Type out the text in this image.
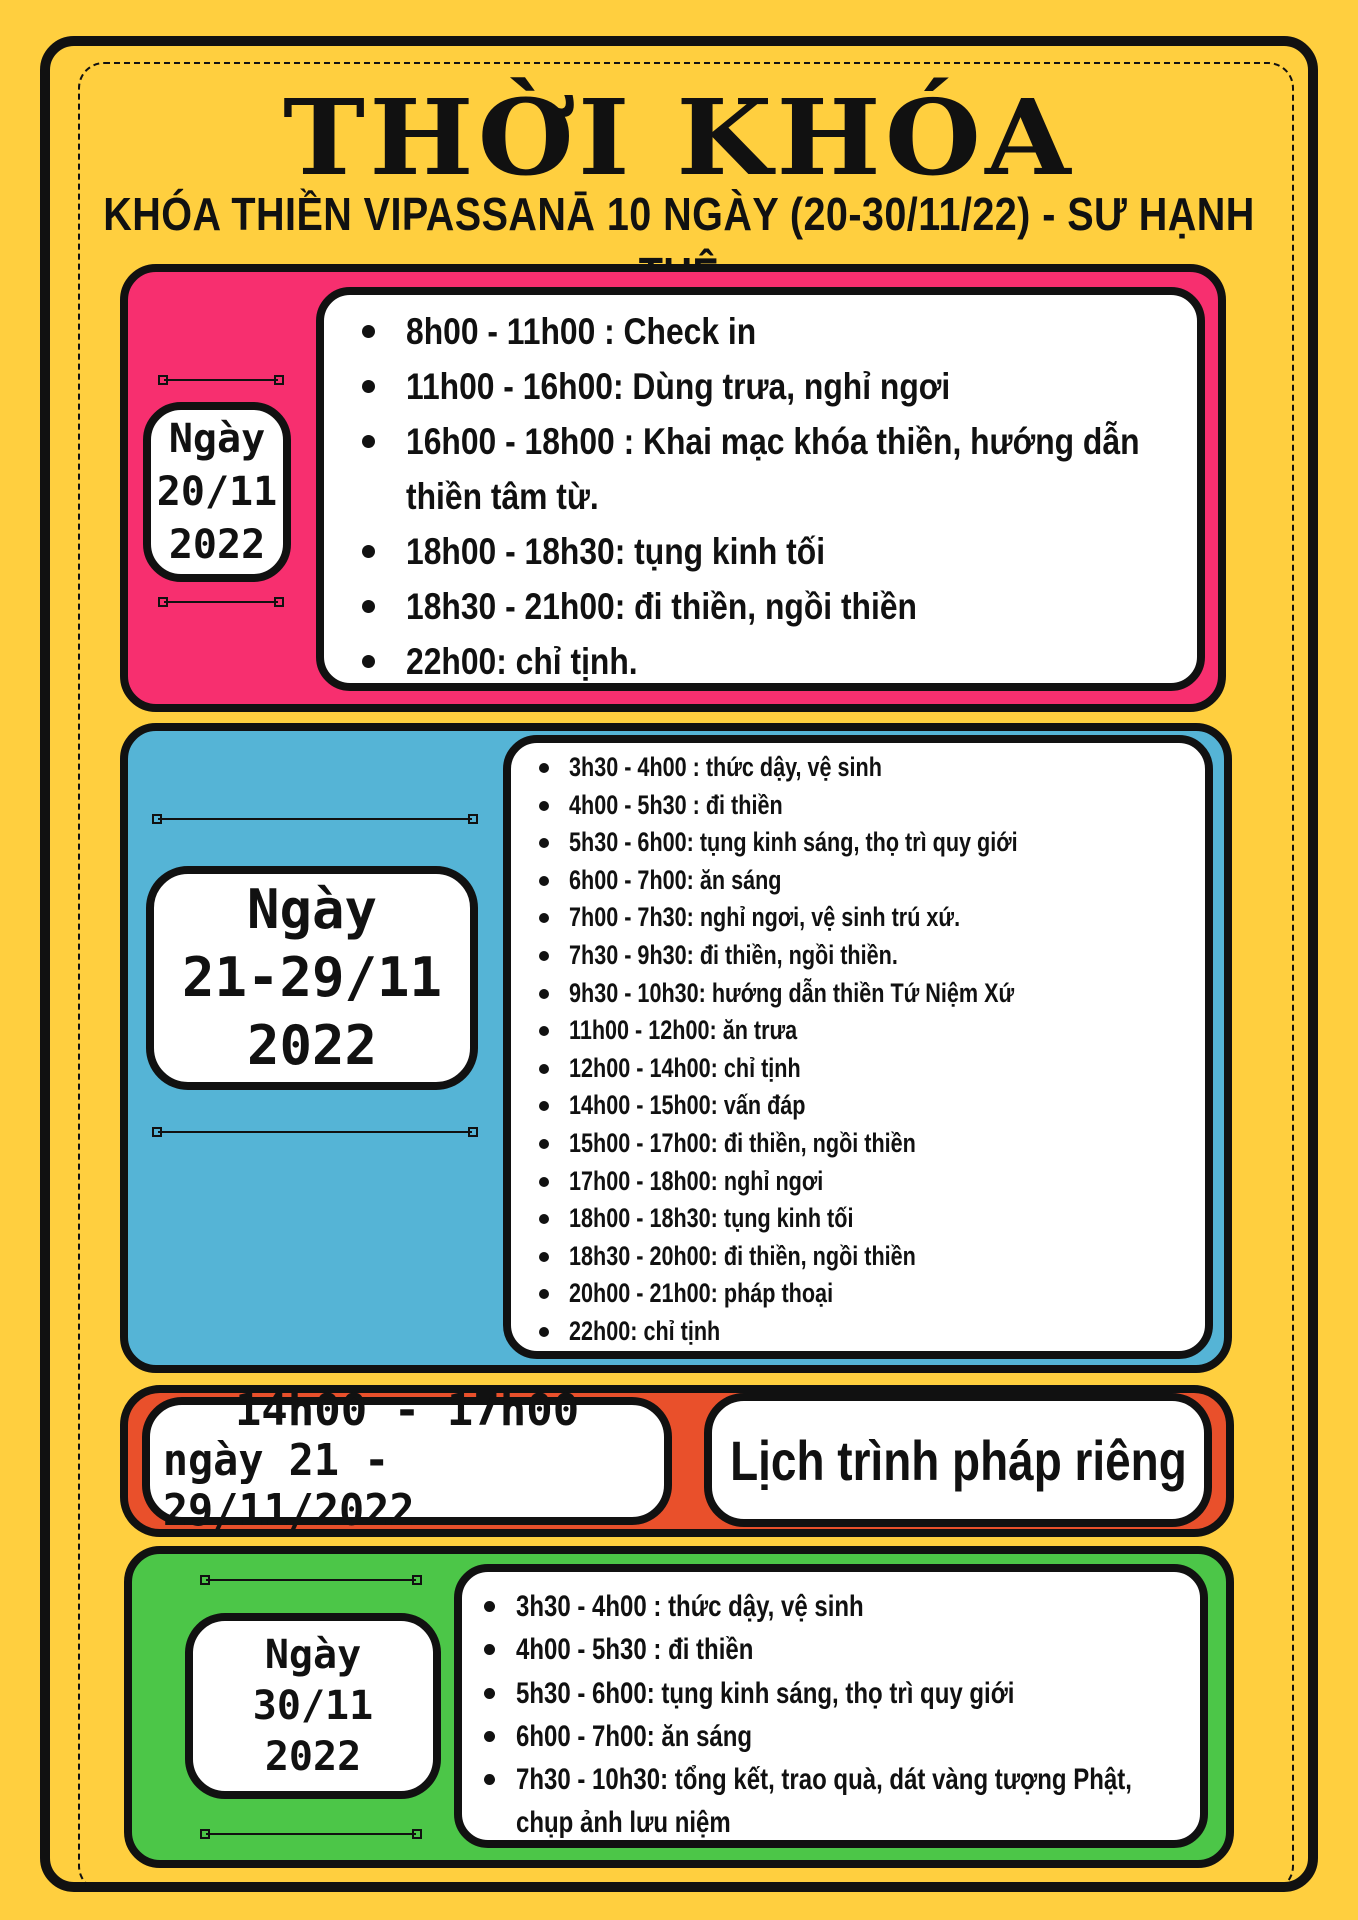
THỜI KHÓA
KHÓA THIỀN VIPASSANĀ 10 NGÀY (20-30/11/22) - SƯ HẠNH
Ngày
20/11
2022
8h00 - 11h00 : Check in
11h00 - 16h00: Dùng trưa, nghỉ ngơi
16h00 - 18h00 : Khai mạc khóa thiền, hướng dẫn
thiền tâm từ.
18h00 - 18h30: tụng kinh tối
18h30 - 21h00: đi thiền, ngồi thiền
22h00: chỉ tịnh.
Ngày
21-29/11
2022
3h30 - 4h00 : thức dậy, vệ sinh
4h00 - 5h30 : đi thiền
5h30 - 6h00: tụng kinh sáng, thọ trì quy giới
6h00 - 7h00: ăn sáng
7h00 - 7h30: nghỉ ngơi, vệ sinh trú xứ.
7h30 - 9h30: đi thiền, ngồi thiền.
9h30 - 10h30: hướng dẫn thiền Tứ Niệm Xứ
11h00 - 12h00: ăn trưa
12h00 - 14h00: chỉ tịnh
14h00 - 15h00: vấn đáp
15h00 - 17h00: đi thiền, ngồi thiền
17h00 - 18h00: nghỉ ngơi
18h00 - 18h30: tụng kinh tối
18h30 - 20h00: đi thiền, ngồi thiền
20h00 - 21h00: pháp thoại
22h00: chỉ tịnh
14h00 - 17h00
ngày 21 - 29/11/2022
Lịch trình pháp riêng
Ngày
30/11
2022
3h30 - 4h00 : thức dậy, vệ sinh
4h00 - 5h30 : đi thiền
5h30 - 6h00: tụng kinh sáng, thọ trì quy giới
6h00 - 7h00: ăn sáng
7h30 - 10h30: tổng kết, trao quà, dát vàng tượng Phật,
chụp ảnh lưu niệm
